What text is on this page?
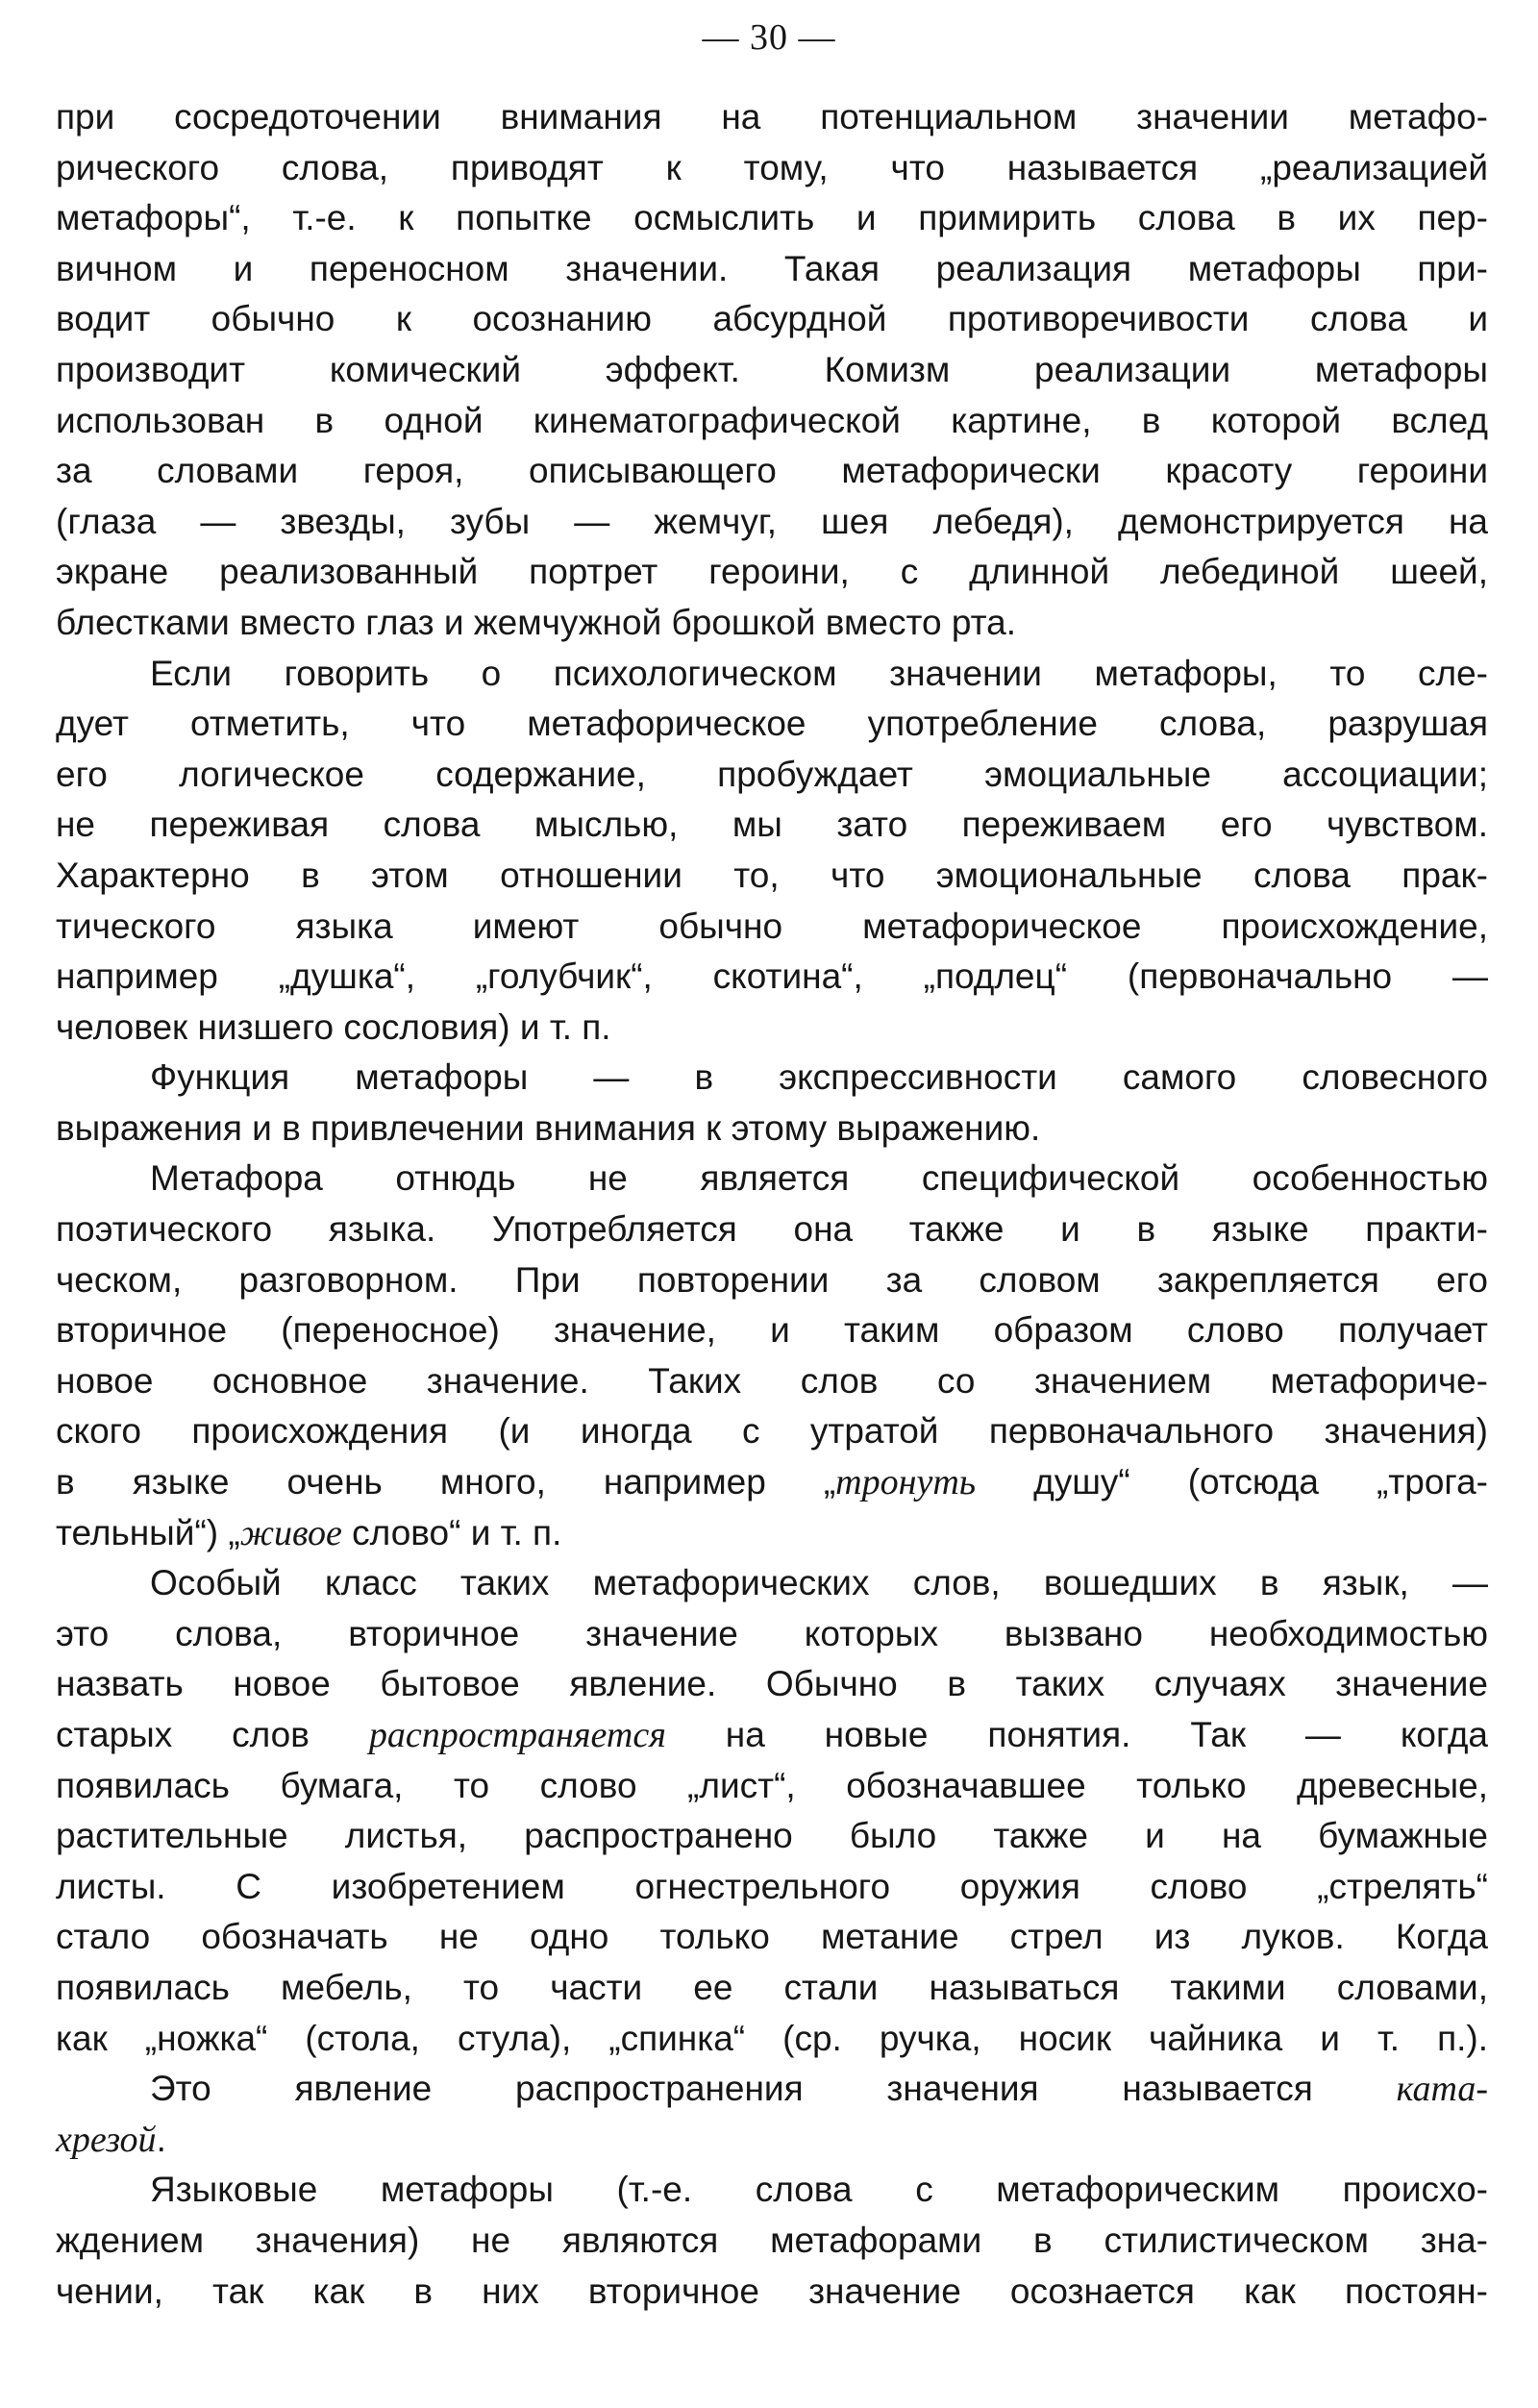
— 30 —
при сосредоточении внимания на потенциальном значении метафо-
рического слова, приводят к тому, что называется „реализацией
метафоры“, т.-е. к попытке осмыслить и примирить слова в их пер-
вичном и переносном значении. Такая реализация метафоры при-
водит обычно к осознанию абсурдной противоречивости слова и
производит комический эффект. Комизм реализации метафоры
использован в одной кинематографической картине, в которой вслед
за словами героя, описывающего метафорически красоту героини
(глаза — звезды, зубы — жемчуг, шея лебедя), демонстрируется на
экране реализованный портрет героини, с длинной лебединой шеей,
блестками вместо глаз и жемчужной брошкой вместо рта.
Если говорить о психологическом значении метафоры, то сле-
дует отметить, что метафорическое употребление слова, разрушая
его логическое содержание, пробуждает эмоциальные ассоциации;
не переживая слова мыслью, мы зато переживаем его чувством.
Характерно в этом отношении то, что эмоциональные слова прак-
тического языка имеют обычно метафорическое происхождение,
например „душка“, „голубчик“, скотина“, „подлец“ (первоначально —
человек низшего сословия) и т. п.
Функция метафоры — в экспрессивности самого словесного
выражения и в привлечении внимания к этому выражению.
Метафора отнюдь не является специфической особенностью
поэтического языка. Употребляется она также и в языке практи-
ческом, разговорном. При повторении за словом закрепляется его
вторичное (переносное) значение, и таким образом слово получает
новое основное значение. Таких слов со значением метафориче-
ского происхождения (и иногда с утратой первоначального значения)
в языке очень много, например „тронуть душу“ (отсюда „трога-
тельный“) „живое слово“ и т. п.
Особый класс таких метафорических слов, вошедших в язык, —
это слова, вторичное значение которых вызвано необходимостью
назвать новое бытовое явление. Обычно в таких случаях значение
старых слов распространяется на новые понятия. Так — когда
появилась бумага, то слово „лист“, обозначавшее только древесные,
растительные листья, распространено было также и на бумажные
листы. С изобретением огнестрельного оружия слово „стрелять“
стало обозначать не одно только метание стрел из луков. Когда
появилась мебель, то части ее стали называться такими словами,
как „ножка“ (стола, стула), „спинка“ (ср. ручка, носик чайника и т. п.).
Это явление распространения значения называется ката-
хрезой.
Языковые метафоры (т.-е. слова с метафорическим происхо-
ждением значения) не являются метафорами в стилистическом зна-
чении, так как в них вторичное значение осознается как постоян-
